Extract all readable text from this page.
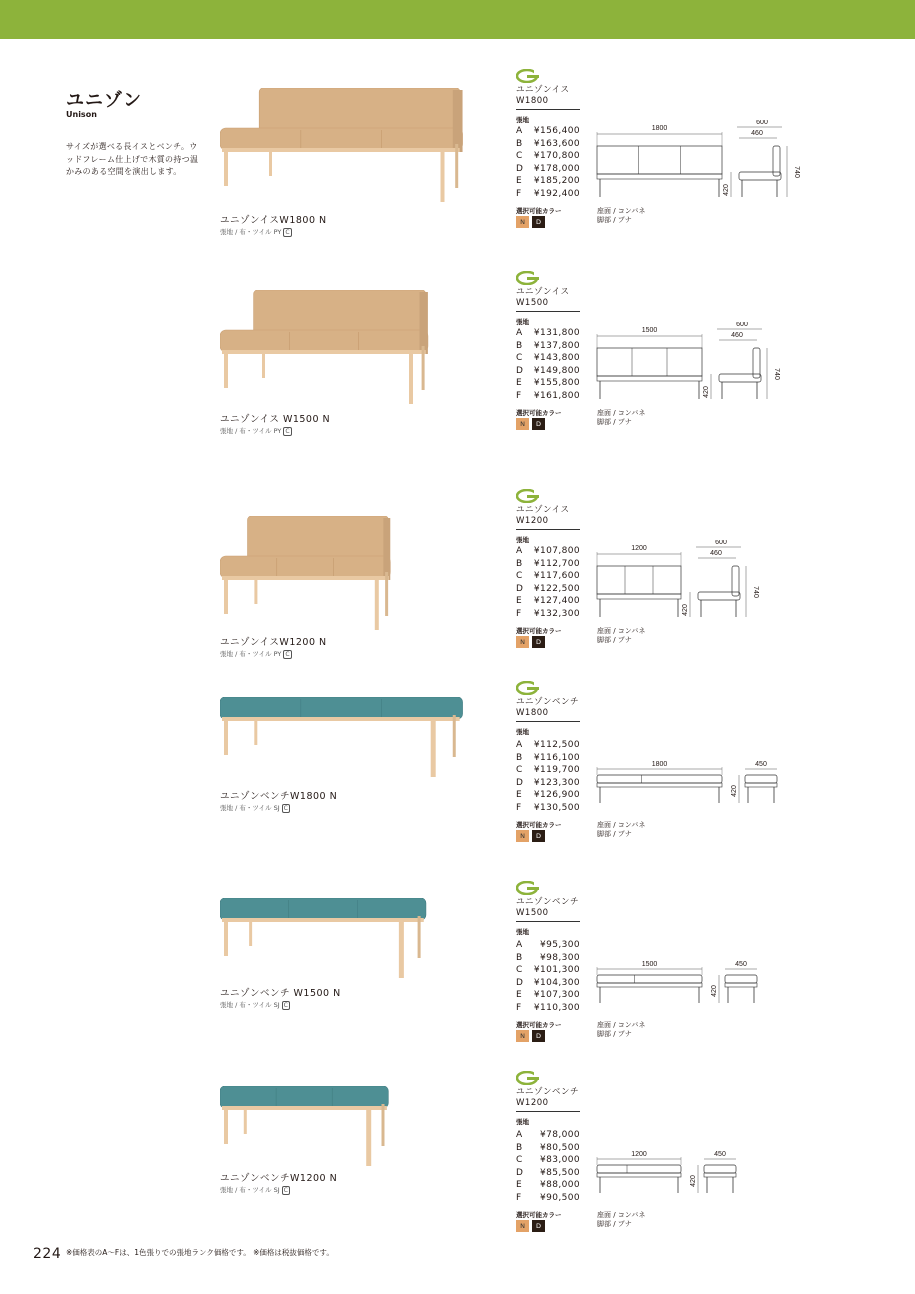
ユニゾン
Unison
サイズが選べる長イスとベンチ。ウッドフレーム仕上げで木質の持つ温かみのある空間を演出します。
ユニゾンイスW1800 N
張地 / 布・ツイル PY C
ユニゾンイス
W1800
張地
A ¥156,400
B ¥163,600
C ¥170,800
D ¥178,000
E ¥185,200
F ¥192,400
選択可能カラー
N	D
座面 / コンバネ
脚部 / ブナ
1800
600
460
420
740
ユニゾンイス W1500 N
張地 / 布・ツイル PY C
ユニゾンイス
W1500
張地
A ¥131,800
B ¥137,800
C ¥143,800
D ¥149,800
E ¥155,800
F ¥161,800
選択可能カラー
N	D
座面 / コンバネ
脚部 / ブナ
1500
600
460
420
740
ユニゾンイスW1200 N
張地 / 布・ツイル PY C
ユニゾンイス
W1200
張地
A ¥107,800
B ¥112,700
C ¥117,600
D ¥122,500
E ¥127,400
F ¥132,300
選択可能カラー
N	D
座面 / コンバネ
脚部 / ブナ
1200
600
460
420
740
ユニゾンベンチW1800 N
張地 / 布・ツイル SJ C
ユニゾンベンチ
W1800
張地
A ¥112,500
B ¥116,100
C ¥119,700
D ¥123,300
E ¥126,900
F ¥130,500
選択可能カラー
N	D
座面 / コンバネ
脚部 / ブナ
1800	450
420
ユニゾンベンチ W1500 N
張地 / 布・ツイル SJ C
ユニゾンベンチ
W1500
張地
A ¥95,300
B ¥98,300
C ¥101,300
D ¥104,300
E ¥107,300
F ¥110,300
選択可能カラー
N	D
座面 / コンバネ
脚部 / ブナ
1500	450
420
ユニゾンベンチW1200 N
張地 / 布・ツイル SJ C
ユニゾンベンチ
W1200
張地
A ¥78,000
B ¥80,500
C ¥83,000
D ¥85,500
E ¥88,000
F ¥90,500
選択可能カラー
N	D
座面 / コンバネ
脚部 / ブナ
1200	450
420
224 ※価格表のA～Fは、1色張りでの張地ランク価格です。 ※価格は税抜価格です。
